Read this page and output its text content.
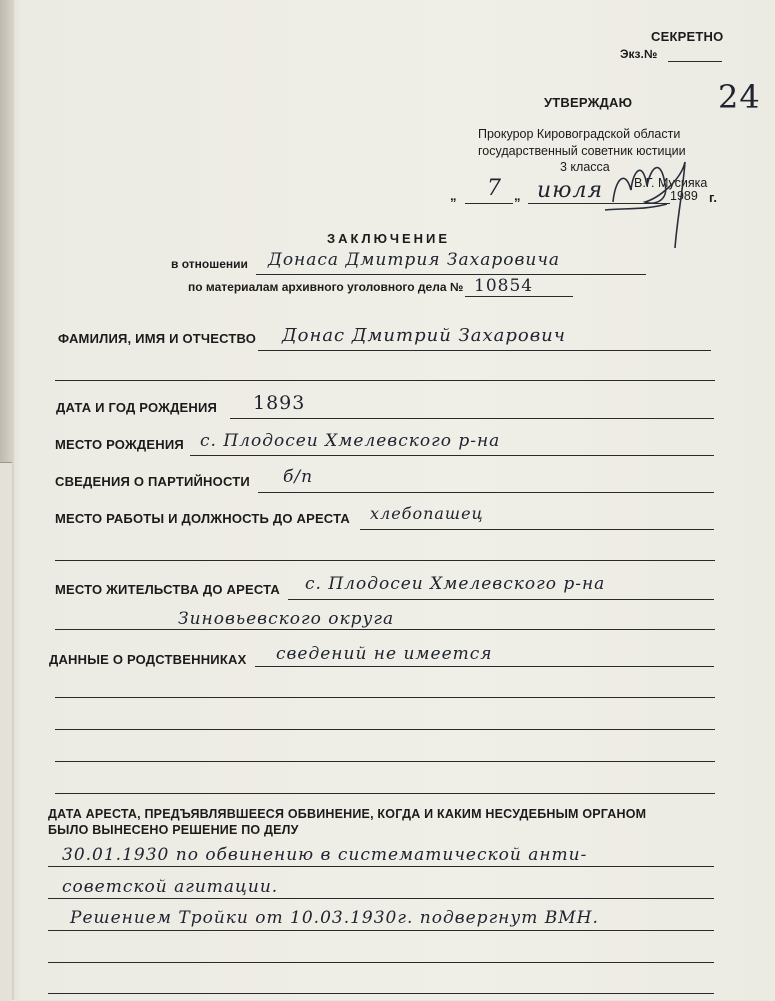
СЕКРЕТНО
Экз.№
24
УТВЕРЖДАЮ
Прокурор Кировоградской области
государственный советник юстиции
3 класса
В.Г. Мусияка
„ 7 „ июля	1989 г.
ЗАКЛЮЧЕНИЕ
в отношении Донаса Дмитрия Захаровича
по материалам архивного уголовного дела № 10854
ФАМИЛИЯ, ИМЯ И ОТЧЕСТВО Донас Дмитрий Захарович
ДАТА И ГОД РОЖДЕНИЯ 1893
МЕСТО РОЖДЕНИЯ с. Плодосеи Хмелевского р-на
СВЕДЕНИЯ О ПАРТИЙНОСТИ б/п
МЕСТО РАБОТЫ И ДОЛЖНОСТЬ ДО АРЕСТА хлебопашец
МЕСТО ЖИТЕЛЬСТВА ДО АРЕСТА с. Плодосеи Хмелевского р-на
Зиновьевского округа
ДАННЫЕ О РОДСТВЕННИКАХ сведений не имеется
ДАТА АРЕСТА, ПРЕДЪЯВЛЯВШЕЕСЯ ОБВИНЕНИЕ, КОГДА И КАКИМ НЕСУДЕБНЫМ ОРГАНОМ
БЫЛО ВЫНЕСЕНО РЕШЕНИЕ ПО ДЕЛУ
30.01.1930 по обвинению в систематической анти-
советской агитации.
Решением Тройки от 10.03.1930г. подвергнут ВМН.
